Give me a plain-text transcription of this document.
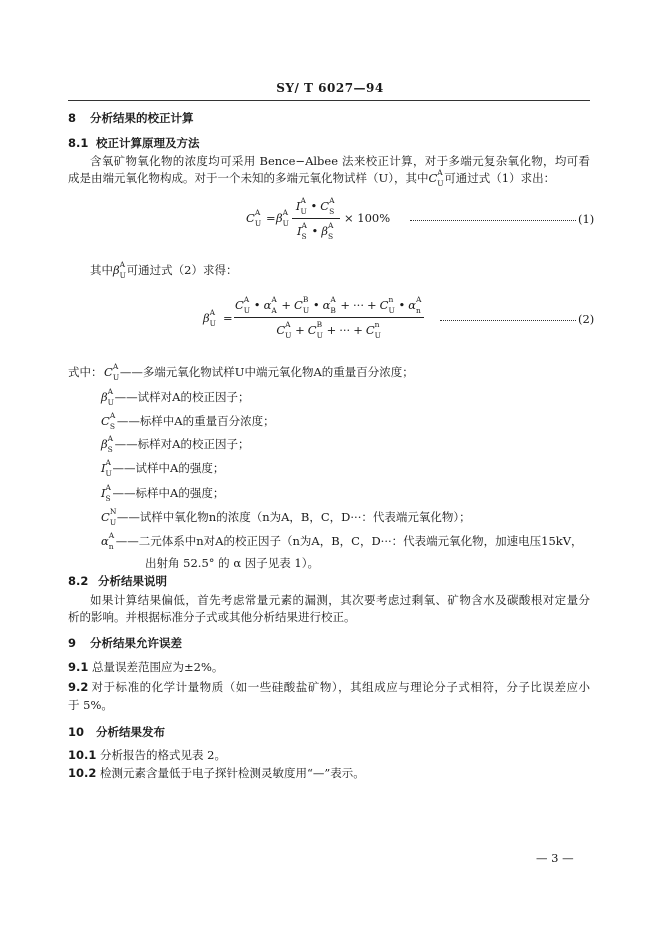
SY/ T 6027—94
8 分析结果的校正计算
8.1 校正计算原理及方法
含氧矿物氧化物的浓度均可采用 Bence−Albee 法来校正计算，对于多端元复杂氧化物，均可看
成是由端元氧化物构成。对于一个未知的多端元氧化物试样（U），其中C A
U 可通过式（1）求出：
C A
U = β A
U
I A
U • C A
S
I A
S • β A
S
× 100%	(1)
其中β A
U 可通过式（2）求得：
β A
U =
C A
U • α A
A + C B
U • α A
B + ··· + C n
U • α A
n
C A
U + C B
U + ··· + C n
U
(2)
式中： C A
U ——多端元氧化物试样U中端元氧化物A的重量百分浓度；
β A
U ——试样对A的校正因子；
C A
S ——标样中A的重量百分浓度；
β A
S ——标样对A的校正因子；
I A
U ——试样中A的强度；
I A
S ——标样中A的强度；
C N
U ——试样中氧化物n的浓度（n为A，B，C，D···：代表端元氧化物）；
α A
n ——二元体系中n对A的校正因子（n为A，B，C，D···：代表端元氧化物，加速电压15kV，
出射角 52.5° 的 α 因子见表 1）。
8.2 分析结果说明
如果计算结果偏低，首先考虑常量元素的漏测，其次要考虑过剩氧、矿物含水及碳酸根对定量分
析的影响。并根据标准分子式或其他分析结果进行校正。
9 分析结果允许误差
9.1 总量误差范围应为±2%。
9.2 对于标准的化学计量物质（如一些硅酸盐矿物），其组成应与理论分子式相符，分子比误差应小
于 5%。
10 分析结果发布
10.1 分析报告的格式见表 2。
10.2 检测元素含量低于电子探针检测灵敏度用“—”表示。
— 3 —
